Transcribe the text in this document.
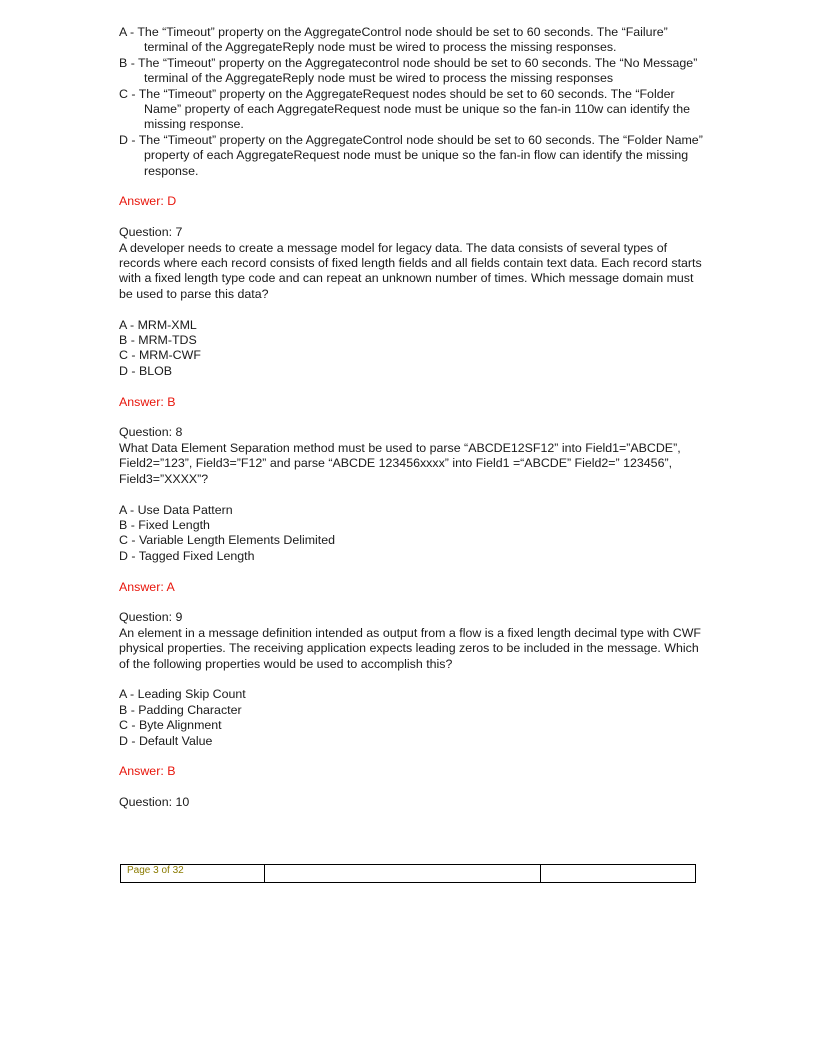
A - The “Timeout” property on the AggregateControl node should be set to 60 seconds. The “Failure” terminal of the AggregateReply node must be wired to process the missing responses.
B - The “Timeout” property on the Aggregatecontrol node should be set to 60 seconds. The “No Message” terminal of the AggregateReply node must be wired to process the missing responses
C - The “Timeout” property on the AggregateRequest nodes should be set to 60 seconds. The “Folder Name” property of each AggregateRequest node must be unique so the fan-in 110w can identify the missing response.
D - The “Timeout” property on the AggregateControl node should be set to 60 seconds. The “Folder Name” property of each AggregateRequest node must be unique so the fan-in flow can identify the missing response.
Answer: D
Question: 7
A developer needs to create a message model for legacy data. The data consists of several types of records where each record consists of fixed length fields and all fields contain text data. Each record starts with a fixed length type code and can repeat an unknown number of times. Which message domain must be used to parse this data?
A - MRM-XML
B - MRM-TDS
C - MRM-CWF
D - BLOB
Answer: B
Question: 8
What Data Element Separation method must be used to parse “ABCDE12SF12” into Field1=”ABCDE”, Field2=”123”, Field3=”F12” and parse “ABCDE 123456xxxx” into Field1 =“ABCDE” Field2=” 123456”, Field3=”XXXX”?
A - Use Data Pattern
B - Fixed Length
C - Variable Length Elements Delimited
D - Tagged Fixed Length
Answer: A
Question: 9
An element in a message definition intended as output from a flow is a fixed length decimal type with CWF physical properties. The receiving application expects leading zeros to be included in the message. Which of the following properties would be used to accomplish this?
A - Leading Skip Count
B - Padding Character
C - Byte Alignment
D - Default Value
Answer: B
Question: 10
Page 3 of 32
